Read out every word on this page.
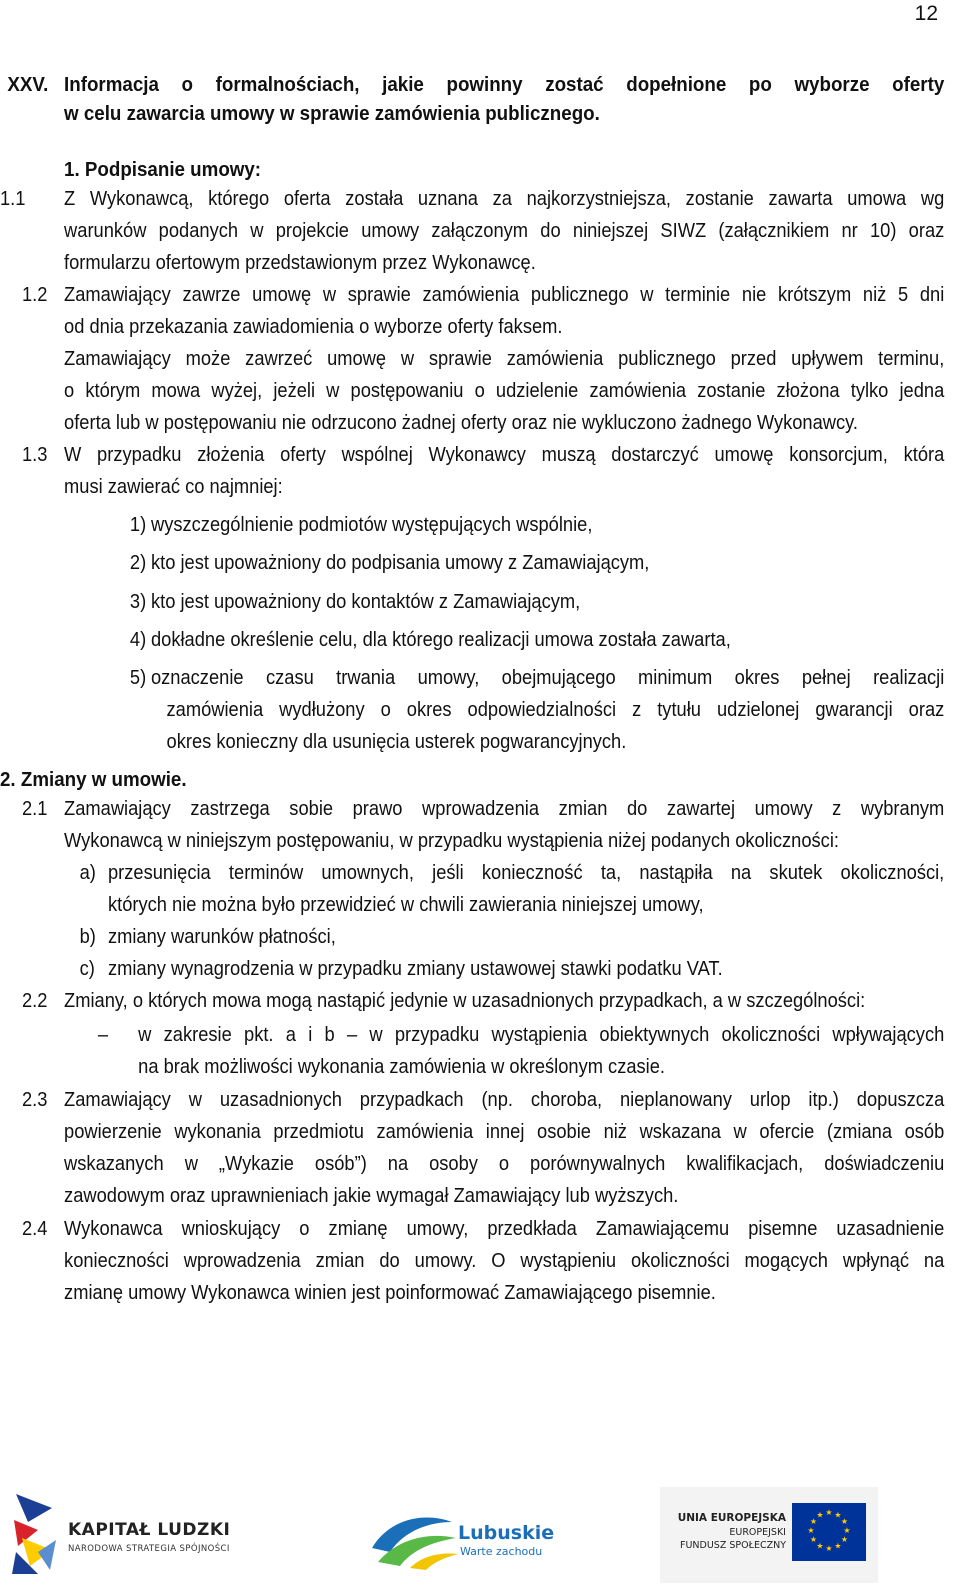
12
XXV. Informacja o formalnościach, jakie powinny zostać dopełnione po wyborze oferty
w celu zawarcia umowy w sprawie zamówienia publicznego.
1. Podpisanie umowy:
1.1 Z Wykonawcą, którego oferta została uznana za najkorzystniejsza, zostanie zawarta umowa wg
warunków podanych w projekcie umowy załączonym do niniejszej SIWZ (załącznikiem nr 10) oraz
formularzu ofertowym przedstawionym przez Wykonawcę.
1.2 Zamawiający zawrze umowę w sprawie zamówienia publicznego w terminie nie krótszym niż 5 dni
od dnia przekazania zawiadomienia o wyborze oferty faksem.
Zamawiający może zawrzeć umowę w sprawie zamówienia publicznego przed upływem terminu,
o którym mowa wyżej, jeżeli w postępowaniu o udzielenie zamówienia zostanie złożona tylko jedna
oferta lub w postępowaniu nie odrzucono żadnej oferty oraz nie wykluczono żadnego Wykonawcy.
1.3 W przypadku złożenia oferty wspólnej Wykonawcy muszą dostarczyć umowę konsorcjum, która
musi zawierać co najmniej:
1) wyszczególnienie podmiotów występujących wspólnie,
2) kto jest upoważniony do podpisania umowy z Zamawiającym,
3) kto jest upoważniony do kontaktów z Zamawiającym,
4) dokładne określenie celu, dla którego realizacji umowa została zawarta,
5) oznaczenie czasu trwania umowy, obejmującego minimum okres pełnej realizacji
zamówienia wydłużony o okres odpowiedzialności z tytułu udzielonej gwarancji oraz
okres konieczny dla usunięcia usterek pogwarancyjnych.
2. Zmiany w umowie.
2.1 Zamawiający zastrzega sobie prawo wprowadzenia zmian do zawartej umowy z wybranym
Wykonawcą w niniejszym postępowaniu, w przypadku wystąpienia niżej podanych okoliczności:
a) przesunięcia terminów umownych, jeśli konieczność ta, nastąpiła na skutek okoliczności,
których nie można było przewidzieć w chwili zawierania niniejszej umowy,
b) zmiany warunków płatności,
c) zmiany wynagrodzenia w przypadku zmiany ustawowej stawki podatku VAT.
2.2 Zmiany, o których mowa mogą nastąpić jedynie w uzasadnionych przypadkach, a w szczególności:
– w zakresie pkt. a i b – w przypadku wystąpienia obiektywnych okoliczności wpływających
na brak możliwości wykonania zamówienia w określonym czasie.
2.3 Zamawiający w uzasadnionych przypadkach (np. choroba, nieplanowany urlop itp.) dopuszcza
powierzenie wykonania przedmiotu zamówienia innej osobie niż wskazana w ofercie (zmiana osób
wskazanych w „Wykazie osób”) na osoby o porównywalnych kwalifikacjach, doświadczeniu
zawodowym oraz uprawnieniach jakie wymagał Zamawiający lub wyższych.
2.4 Wykonawca wnioskujący o zmianę umowy, przedkłada Zamawiającemu pisemne uzasadnienie
konieczności wprowadzenia zmian do umowy. O wystąpieniu okoliczności mogących wpłynąć na
zmianę umowy Wykonawca winien jest poinformować Zamawiającego pisemnie.
KAPITAŁ LUDZKI
NARODOWA STRATEGIA SPÓJNOŚCI
Lubuskie
Warte zachodu
UNIA EUROPEJSKA
EUROPEJSKI
FUNDUSZ SPOŁECZNY
★ ★
★
★
★
★
★
★
★
★
★
★
